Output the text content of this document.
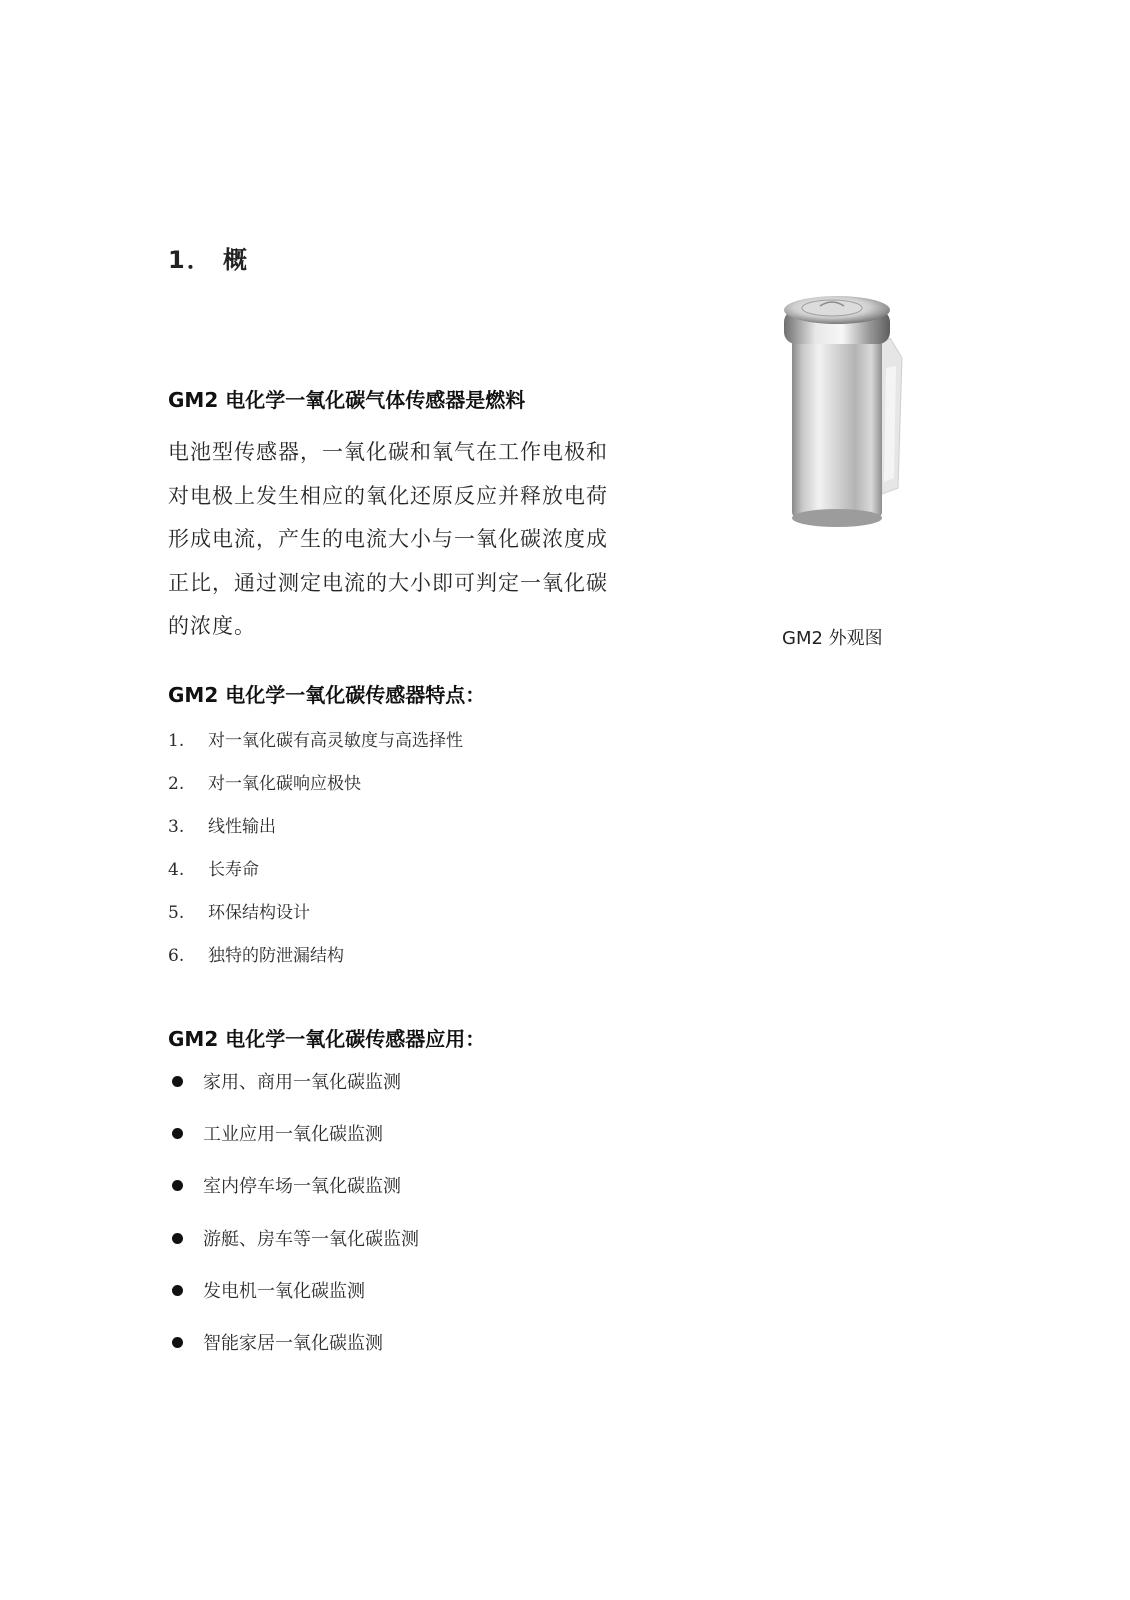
1． 概
GM2 电化学一氧化碳气体传感器是燃料

电池型传感器，一氧化碳和氧气在工作电极和

对电极上发生相应的氧化还原反应并释放电荷

形成电流，产生的电流大小与一氧化碳浓度成

正比，通过测定电流的大小即可判定一氧化碳

的浓度。

GM2 外观图
GM2 电化学一氧化碳传感器特点：
1. 对一氧化碳有高灵敏度与高选择性
2. 对一氧化碳响应极快
3. 线性输出
4. 长寿命
5. 环保结构设计
6. 独特的防泄漏结构
GM2 电化学一氧化碳传感器应用：
家用、商用一氧化碳监测
工业应用一氧化碳监测
室内停车场一氧化碳监测
游艇、房车等一氧化碳监测
发电机一氧化碳监测
智能家居一氧化碳监测
